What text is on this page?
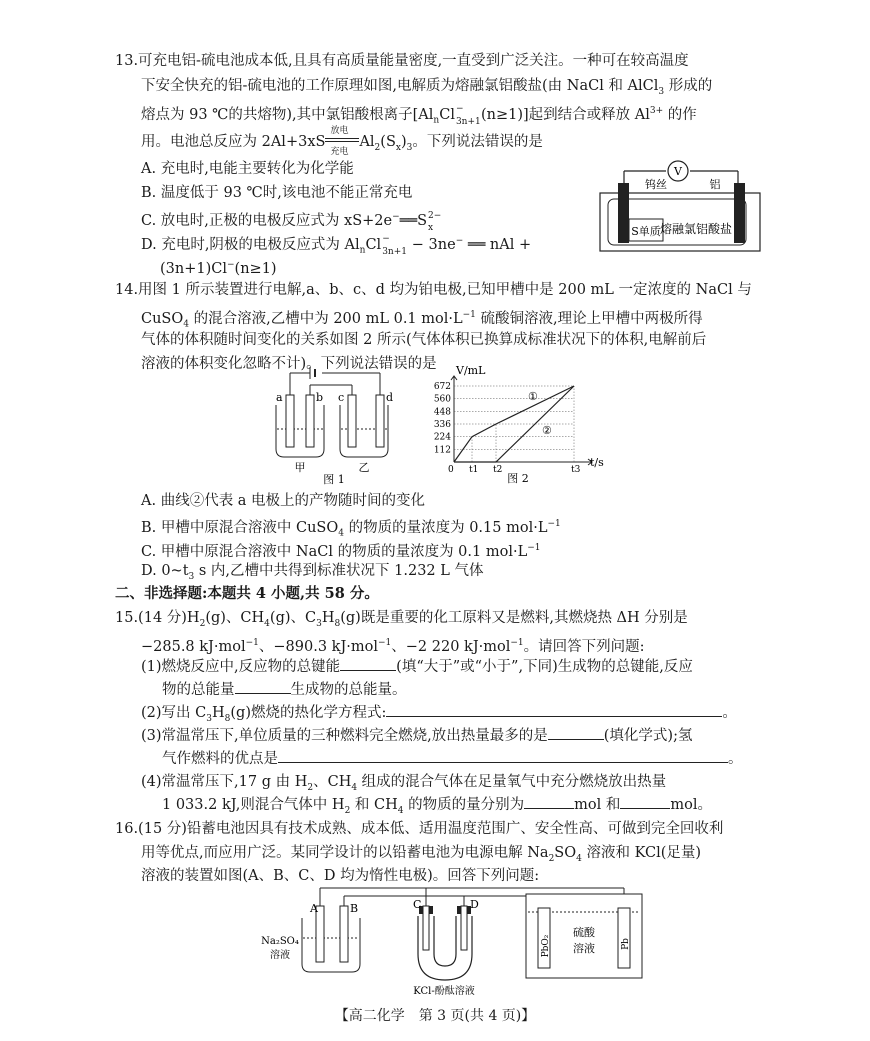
13.可充电铝-硫电池成本低,且具有高质量能量密度,一直受到广泛关注。一种可在较高温度
下安全快充的铝-硫电池的工作原理如图,电解质为熔融氯铝酸盐(由 NaCl 和 AlCl$_3$ 形成的
熔点为 93 ℃的共熔物),其中氯铝酸根离子[$Al_nCl$ −
3n+1 (n≥1)]起到结合或释放 $Al^{3+}$ 的作
用。电池总反应为 2Al+3xS
放电
充电
$Al_2(S_x)_3$。下列说法错误的是
A. 充电时,电能主要转化为化学能
B. 温度低于 93 ℃时,该电池不能正常充电
C. 放电时,正极的电极反应式为 xS+2e−══S 2−
x
D. 充电时,阴极的电极反应式为 $Al_nCl$ −
3n+1 − 3ne− ══ nAl +
(3n+1)Cl−(n≥1)
V
S单质
钨丝	铝
熔融氯铝酸盐
14.用图 1 所示装置进行电解,a、b、c、d 均为铂电极,已知甲槽中是 200 mL 一定浓度的 NaCl 与
CuSO$_4$ 的混合溶液,乙槽中为 200 mL 0.1 $mol\cdot L^{-1}$ 硫酸铜溶液,理论上甲槽中两极所得
气体的体积随时间变化的关系如图 2 所示(气体体积已换算成标准状况下的体积,电解前后
溶液的体积变化忽略不计)。下列说法错误的是
a	b c	d
甲	乙
图 1
672
560
448
336
224
112
0 t1 t2	t3
①
②
V/mL
t/s
图 2
A. 曲线②代表 a 电极上的产物随时间的变化
B. 甲槽中原混合溶液中 CuSO$_4$ 的物质的量浓度为 0.15 $mol\cdot L^{-1}$
C. 甲槽中原混合溶液中 NaCl 的物质的量浓度为 0.1 $mol\cdot L^{-1}$
D. $0\sim t_3$ s 内,乙槽中共得到标准状况下 1.232 L 气体
二、非选择题:本题共 4 小题,共 58 分。
15.(14 分)$H_2(g)$、$CH_4(g)$、$C_3H_8(g)$既是重要的化工原料又是燃料,其燃烧热 ΔH 分别是
−285.8 kJ·mol$^{-1}$、−890.3 kJ·mol$^{-1}$、−2 220 kJ·mol$^{-1}$。请回答下列问题:
(1)燃烧反应中,反应物的总键能	(填“大于”或“小于”,下同)生成物的总键能,反应
物的总能量	生成物的总能量。
(2)写出 $C_3H_8(g)$燃烧的热化学方程式:	。
(3)常温常压下,单位质量的三种燃料完全燃烧,放出热量最多的是	(填化学式);氢
气作燃料的优点是	。
(4)常温常压下,17 g 由 $H_2$、$CH_4$ 组成的混合气体在足量氧气中充分燃烧放出热量
1 033.2 kJ,则混合气体中 $H_2$ 和 $CH_4$ 的物质的量分别为	mol 和	mol。
16.(15 分)铅蓄电池因具有技术成熟、成本低、适用温度范围广、安全性高、可做到完全回收利
用等优点,而应用广泛。某同学设计的以铅蓄电池为电源电解 $Na_2SO_4$ 溶液和 KCl(足量)
溶液的装置如图(A、B、C、D 均为惰性电极)。回答下列问题:
A	B	C	D
Na₂SO₄
溶液
KCl-酚酞溶液
PbO₂
硫酸
溶液	Pb
【高二化学　第 3 页(共 4 页)】
